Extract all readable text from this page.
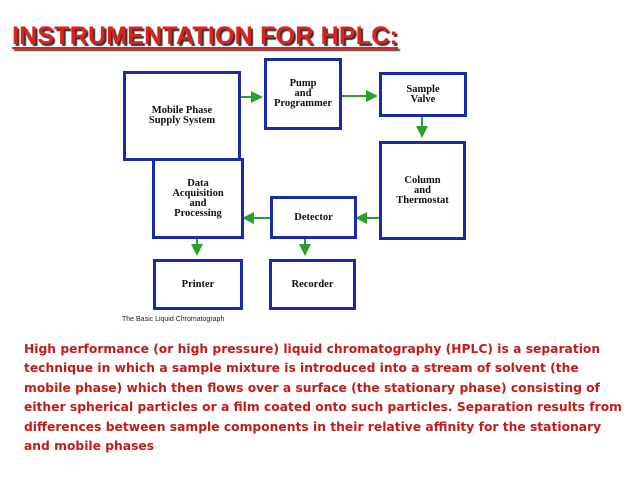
INSTRUMENTATION FOR HPLC:
Mobile Phase
Supply System
Pump
and
Programmer
Sample
Valve
Column
and
Thermostat
Detector
Data
Acquisition
and
Processing
Printer	Recorder
The Basic Liquid Chromatograph

High performance (or high pressure) liquid chromatography (HPLC) is a separation technique in which a sample mixture is introduced into a stream of solvent (the mobile phase) which then flows over a surface (the stationary phase) consisting of either spherical particles or a film coated onto such particles. Separation results from differences between sample components in their relative affinity for the stationary and mobile phases
